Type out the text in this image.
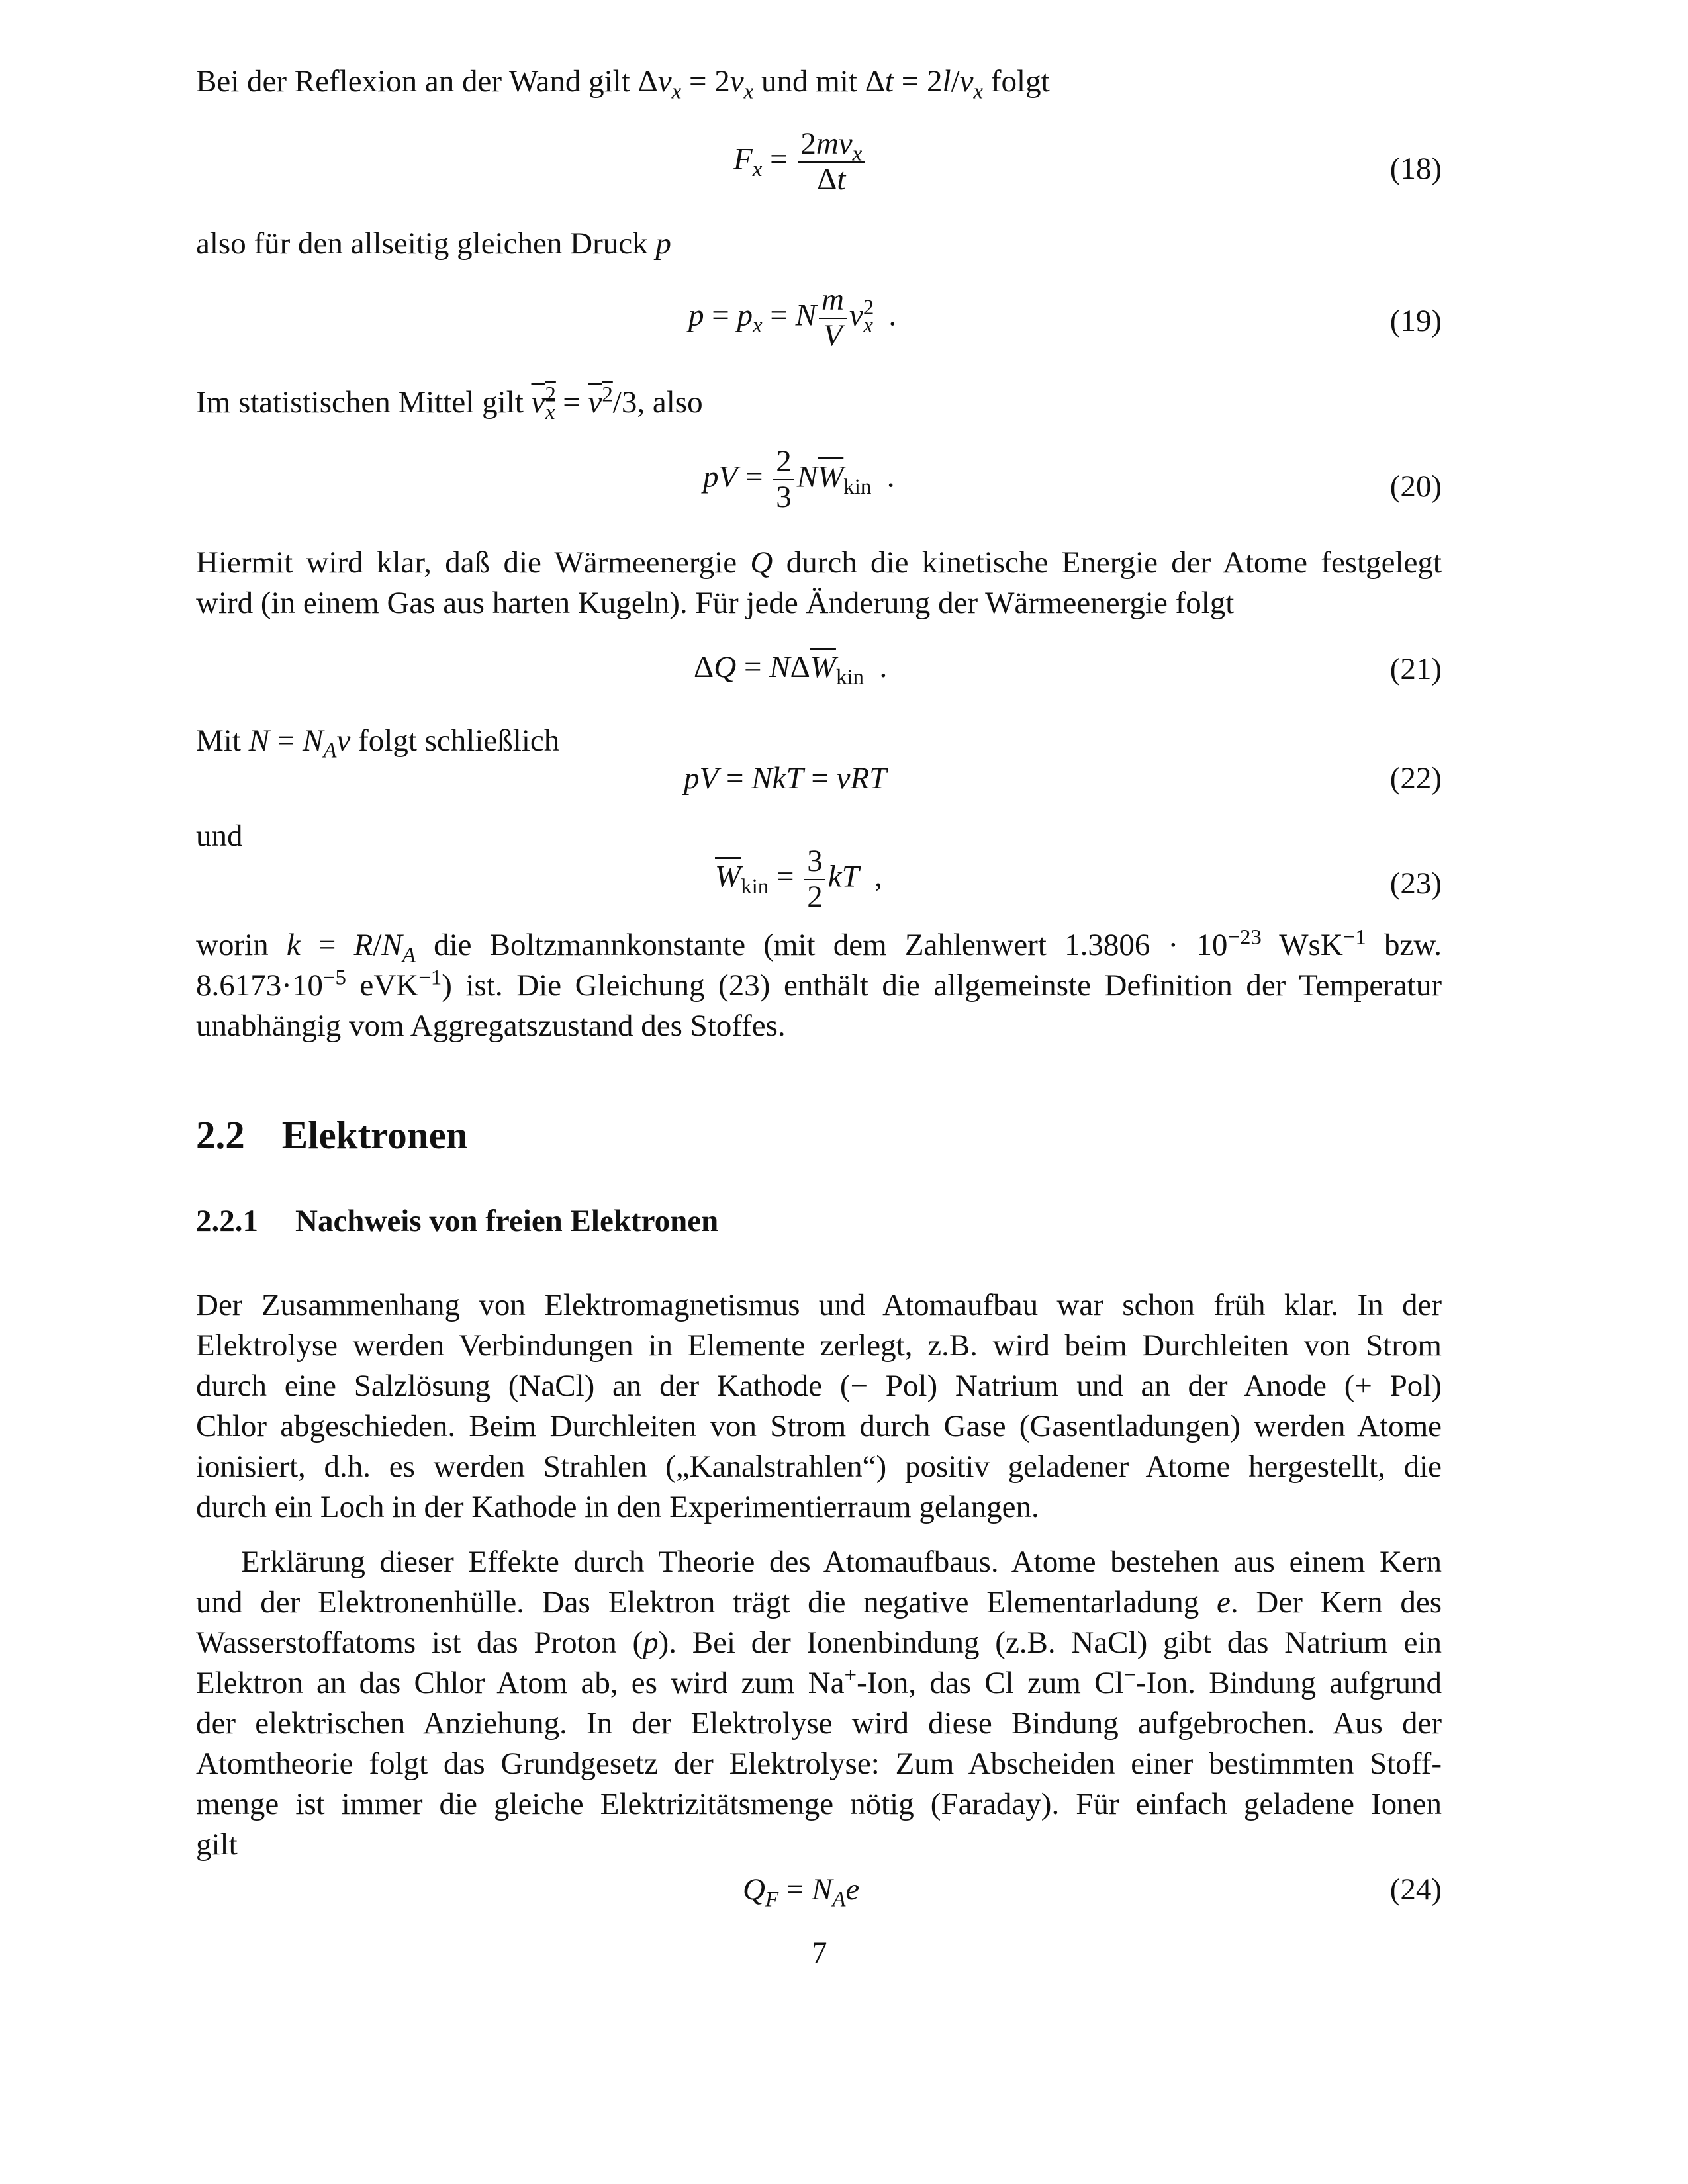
Bei der Reflexion an der Wand gilt $\Delta v_x = 2v_x$ und mit $\Delta t = 2l/v_x$ folgt
$F_x = \frac{2mv_x}{\Delta t}$	(18)
also für den allseitig gleichen Druck p
$p = p_x = N \frac{m}{V} v^2_x$  .	(19)
Im statistischen Mittel gilt $v^2_x = v^2/3$, also
pV = $\frac{2}{3} N\overline{W}_{kin}$  .	(20)
Hiermit wird klar, daß die Wärmeenergie Q durch die kinetische Energie der Atome festgelegt
wird (in einem Gas aus harten Kugeln). Für jede Änderung der Wärmeenergie folgt
$\Delta Q = N\Delta\overline{W}_{kin}$  .	(21)
Mit $N = N_A\nu$ folgt schließlich
pV = NkT = νRT	(22)
und
$\overline{W}_{kin} = \frac{3}{2}$ kT  ,	(23)
worin $k = R/N_A$ die Boltzmannkonstante (mit dem Zahlenwert $1.3806 \cdot 10^{-23}$ WsK$^{-1}$ bzw.
$8.6173\cdot 10^{-5}$ eVK$^{-1}$) ist. Die Gleichung (23) enthält die allgemeinste Definition der Temperatur
unabhängig vom Aggregatszustand des Stoffes.
2.2 Elektronen
2.2.1 Nachweis von freien Elektronen
Der Zusammenhang von Elektromagnetismus und Atomaufbau war schon früh klar. In der
Elektrolyse werden Verbindungen in Elemente zerlegt, z.B. wird beim Durchleiten von Strom
durch eine Salzlösung (NaCl) an der Kathode (− Pol) Natrium und an der Anode (+ Pol)
Chlor abgeschieden. Beim Durchleiten von Strom durch Gase (Gasentladungen) werden Atome
ionisiert, d.h. es werden Strahlen („Kanalstrahlen“) positiv geladener Atome hergestellt, die
durch ein Loch in der Kathode in den Experimentierraum gelangen.
Erklärung dieser Effekte durch Theorie des Atomaufbaus. Atome bestehen aus einem Kern
und der Elektronenhülle. Das Elektron trägt die negative Elementarladung e. Der Kern des
Wasserstoffatoms ist das Proton (p). Bei der Ionenbindung (z.B. NaCl) gibt das Natrium ein
Elektron an das Chlor Atom ab, es wird zum Na+-Ion, das Cl zum Cl−-Ion. Bindung aufgrund
der elektrischen Anziehung. In der Elektrolyse wird diese Bindung aufgebrochen. Aus der
Atomtheorie folgt das Grundgesetz der Elektrolyse: Zum Abscheiden einer bestimmten Stoff-
menge ist immer die gleiche Elektrizitätsmenge nötig (Faraday). Für einfach geladene Ionen
gilt
$Q_F = N_Ae$	(24)
7
